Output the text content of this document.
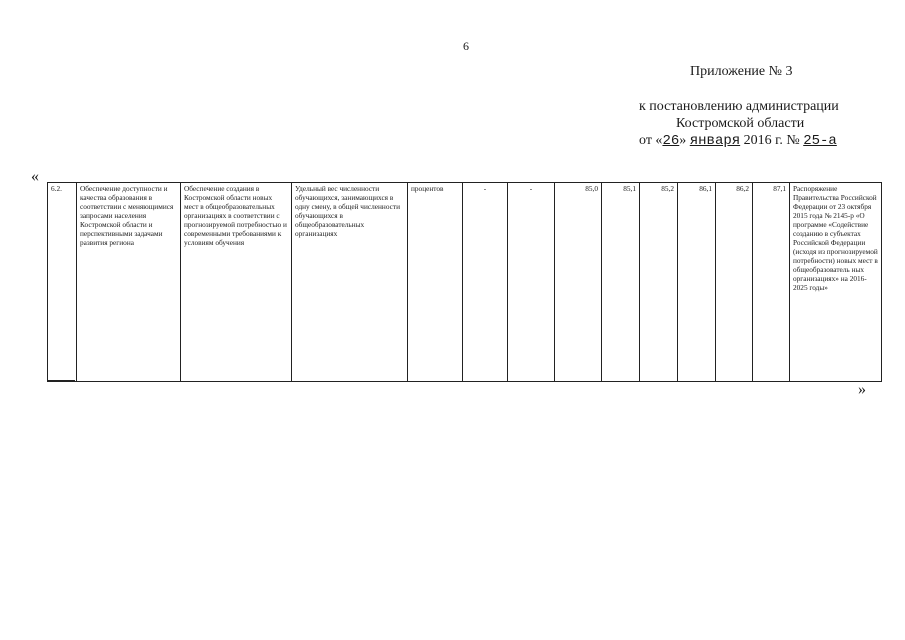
6
Приложение № 3
к постановлению администрации
Костромской области
от «26» января 2016 г. № 25-а
«
6.2.	Обеспечение доступности и качества образования в соответствии с меняющимися запросами населения Костромской области и перспективными задачами развития региона	Обеспечение создания в Костромской области новых мест в общеобразовательных организациях в соответствии с прогнозируемой потребностью и современными требованиями к условиям обучения	Удельный вес численности обучающихся, занимающихся в одну смену, в общей численности обучающихся в общеобразовательных организациях	процентов	-	-	85,0	85,1	85,2	86,1	86,2	87,1	Распоряжение Правительства Российской Федерации от 23 октября 2015 года № 2145-р «О программе «Содействие созданию в субъектах Российской Федерации (исходя из прогнозируемой потребности) новых мест в общеобразователь ных организациях» на 2016-2025 годы»
»
